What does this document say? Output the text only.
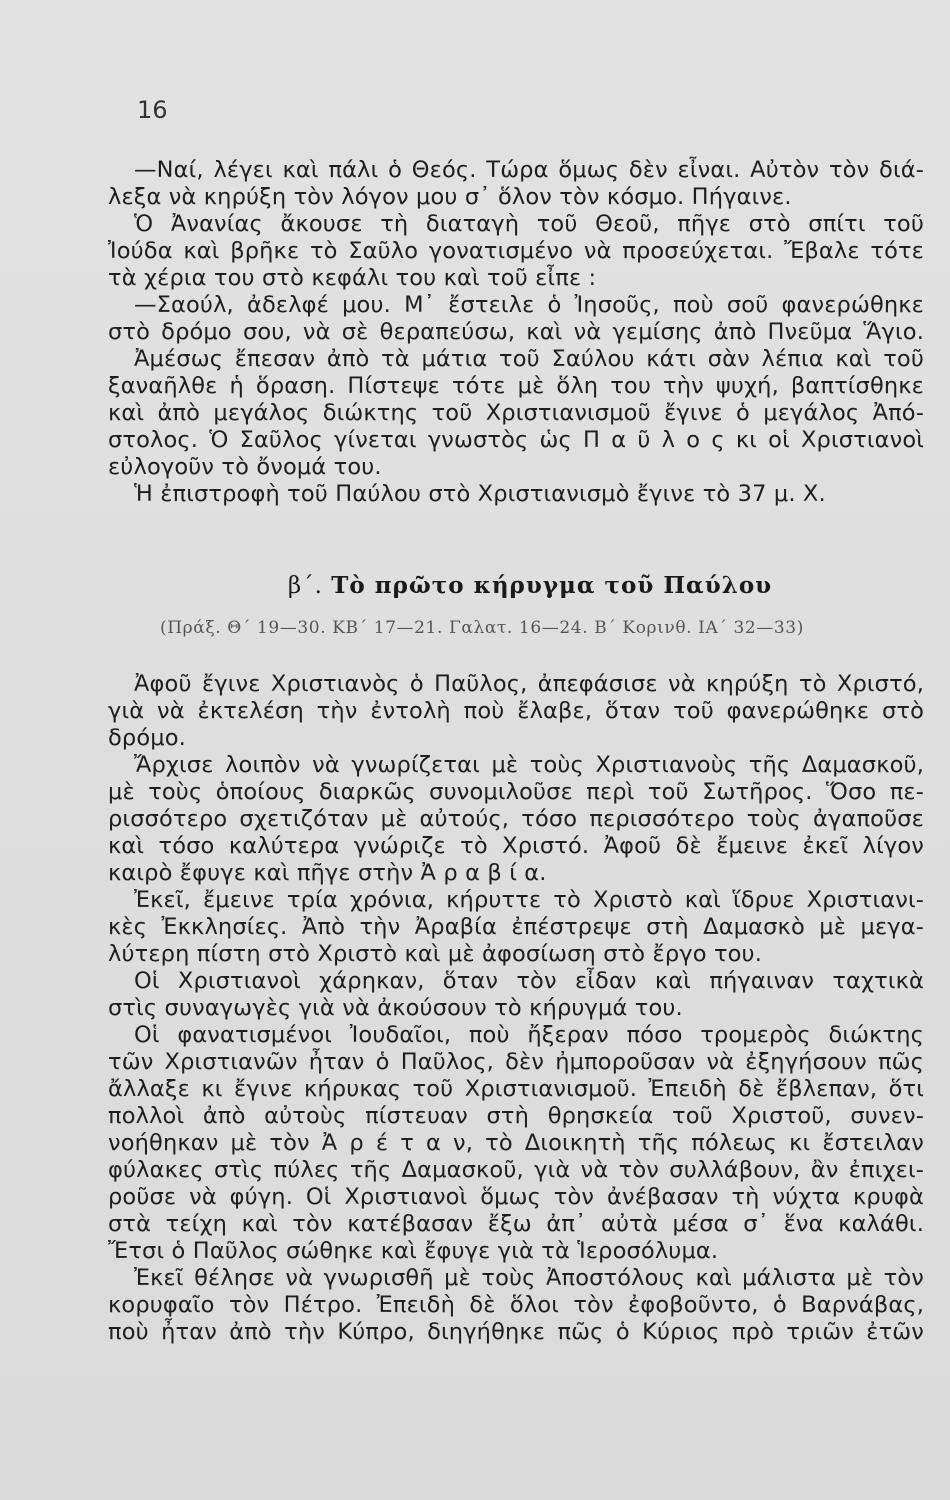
16
—Ναί, λέγει καὶ πάλι ὁ Θεός. Τώρα ὅμως δὲν εἶναι. Αὐτὸν τὸν διά-
λεξα νὰ κηρύξη τὸν λόγον μου σ᾽ ὅλον τὸν κόσμο. Πήγαινε.
Ὁ Ἀνανίας ἄκουσε τὴ διαταγὴ τοῦ Θεοῦ, πῆγε στὸ σπίτι τοῦ
Ἰούδα καὶ βρῆκε τὸ Σαῦλο γονατισμένο νὰ προσεύχεται. Ἔβαλε τότε
τὰ χέρια του στὸ κεφάλι του καὶ τοῦ εἶπε :
—Σαούλ, ἀδελφέ μου. Μ᾽ ἔστειλε ὁ Ἰησοῦς, ποὺ σοῦ φανερώθηκε
στὸ δρόμο σου, νὰ σὲ θεραπεύσω, καὶ νὰ γεμίσης ἀπὸ Πνεῦμα Ἅγιο.
Ἀμέσως ἔπεσαν ἀπὸ τὰ μάτια τοῦ Σαύλου κάτι σὰν λέπια καὶ τοῦ
ξαναῆλθε ἡ ὅραση. Πίστεψε τότε μὲ ὅλη του τὴν ψυχή, βαπτίσθηκε
καὶ ἀπὸ μεγάλος διώκτης τοῦ Χριστιανισμοῦ ἔγινε ὁ μεγάλος Ἀπό-
στολος. Ὁ Σαῦλος γίνεται γνωστὸς ὡς Π α ῦ λ ο ς κι οἱ Χριστιανοὶ
εὐλογοῦν τὸ ὄνομά του.
Ἡ ἐπιστροφὴ τοῦ Παύλου στὸ Χριστιανισμὸ ἔγινε τὸ 37 μ. Χ.
β΄. Τὸ πρῶτο κήρυγμα τοῦ Παύλου
(Πράξ. Θ΄ 19—30. ΚΒ΄ 17—21. Γαλατ. 16—24. Β΄ Κορινθ. ΙΑ΄ 32—33)
Ἀφοῦ ἔγινε Χριστιανὸς ὁ Παῦλος, ἀπεφάσισε νὰ κηρύξη τὸ Χριστό,
γιὰ νὰ ἐκτελέση τὴν ἐντολὴ ποὺ ἔλαβε, ὅταν τοῦ φανερώθηκε στὸ
δρόμο.
Ἄρχισε λοιπὸν νὰ γνωρίζεται μὲ τοὺς Χριστιανοὺς τῆς Δαμασκοῦ,
μὲ τοὺς ὁποίους διαρκῶς συνομιλοῦσε περὶ τοῦ Σωτῆρος. Ὅσο πε-
ρισσότερο σχετιζόταν μὲ αὐτούς, τόσο περισσότερο τοὺς ἀγαποῦσε
καὶ τόσο καλύτερα γνώριζε τὸ Χριστό. Ἀφοῦ δὲ ἔμεινε ἐκεῖ λίγον
καιρὸ ἔφυγε καὶ πῆγε στὴν Ἀ ρ α β ί α.
Ἐκεῖ, ἔμεινε τρία χρόνια, κήρυττε τὸ Χριστὸ καὶ ἵδρυε Χριστιανι-
κὲς Ἐκκλησίες. Ἀπὸ τὴν Ἀραβία ἐπέστρεψε στὴ Δαμασκὸ μὲ μεγα-
λύτερη πίστη στὸ Χριστὸ καὶ μὲ ἀφοσίωση στὸ ἔργο του.
Οἱ Χριστιανοὶ χάρηκαν, ὅταν τὸν εἶδαν καὶ πήγαιναν ταχτικὰ
στὶς συναγωγὲς γιὰ νὰ ἀκούσουν τὸ κήρυγμά του.
Οἱ φανατισμένοι Ἰουδαῖοι, ποὺ ἤξεραν πόσο τρομερὸς διώκτης
τῶν Χριστιανῶν ἦταν ὁ Παῦλος, δὲν ἠμποροῦσαν νὰ ἐξηγήσουν πῶς
ἄλλαξε κι ἔγινε κήρυκας τοῦ Χριστιανισμοῦ. Ἐπειδὴ δὲ ἔβλεπαν, ὅτι
πολλοὶ ἀπὸ αὐτοὺς πίστευαν στὴ θρησκεία τοῦ Χριστοῦ, συνεν-
νοήθηκαν μὲ τὸν Ἀ ρ έ τ α ν, τὸ Διοικητὴ τῆς πόλεως κι ἔστειλαν
φύλακες στὶς πύλες τῆς Δαμασκοῦ, γιὰ νὰ τὸν συλλάβουν, ἂν ἐπιχει-
ροῦσε νὰ φύγη. Οἱ Χριστιανοὶ ὅμως τὸν ἀνέβασαν τὴ νύχτα κρυφὰ
στὰ τείχη καὶ τὸν κατέβασαν ἔξω ἀπ᾽ αὐτὰ μέσα σ᾽ ἕνα καλάθι.
Ἔτσι ὁ Παῦλος σώθηκε καὶ ἔφυγε γιὰ τὰ Ἱεροσόλυμα.
Ἐκεῖ θέλησε νὰ γνωρισθῆ μὲ τοὺς Ἀποστόλους καὶ μάλιστα μὲ τὸν
κορυφαῖο τὸν Πέτρο. Ἐπειδὴ δὲ ὅλοι τὸν ἐφοβοῦντο, ὁ Βαρνάβας,
ποὺ ἦταν ἀπὸ τὴν Κύπρο, διηγήθηκε πῶς ὁ Κύριος πρὸ τριῶν ἐτῶν
